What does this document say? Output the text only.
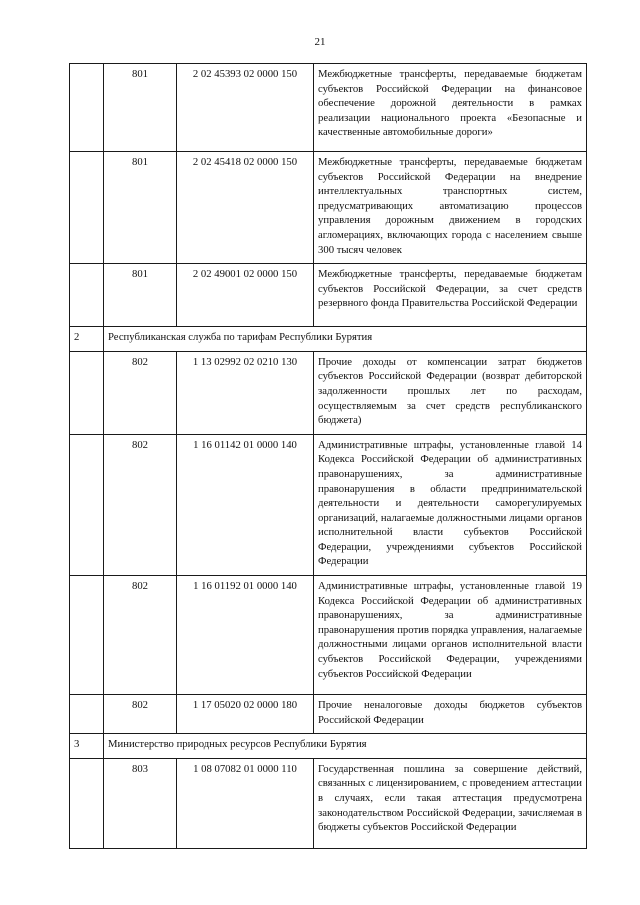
21
	801	2 02 45393 02 0000 150	Межбюджетные трансферты, передаваемые бюджетам субъектов Российской Федерации на финансовое обеспечение дорожной деятельности в рамках реализации национального проекта «Безопасные и качественные автомобильные дороги»
	801	2 02 45418 02 0000 150	Межбюджетные трансферты, передаваемые бюджетам субъектов Российской Федерации на внедрение интеллектуальных транспортных систем, предусматривающих автоматизацию процессов управления дорожным движением в городских агломерациях, включающих города с населением свыше 300 тысяч человек
	801	2 02 49001 02 0000 150	Межбюджетные трансферты, передаваемые бюджетам субъектов Российской Федерации, за счет средств резервного фонда Правительства Российской Федерации
2	Республиканская служба по тарифам Республики Бурятия		
	802	1 13 02992 02 0210 130	Прочие доходы от компенсации затрат бюджетов субъектов Российской Федерации (возврат дебиторской задолженности прошлых лет по расходам, осуществляемым за счет средств республиканского бюджета)
	802	1 16 01142 01 0000 140	Административные штрафы, установленные главой 14 Кодекса Российской Федерации об административных правонарушениях, за административные правонарушения в области предпринимательской деятельности и деятельности саморегулируемых организаций, налагаемые должностными лицами органов исполнительной власти субъектов Российской Федерации, учреждениями субъектов Российской Федерации
	802	1 16 01192 01 0000 140	Административные штрафы, установленные главой 19 Кодекса Российской Федерации об административных правонарушениях, за административные правонарушения против порядка управления, налагаемые должностными лицами органов исполнительной власти субъектов Российской Федерации, учреждениями субъектов Российской Федерации
	802	1 17 05020 02 0000 180	Прочие неналоговые доходы бюджетов субъектов Российской Федерации
3	Министерство природных ресурсов Республики Бурятия		
	803	1 08 07082 01 0000 110	Государственная пошлина за совершение действий, связанных с лицензированием, с проведением аттестации в случаях, если такая аттестация предусмотрена законодательством Российской Федерации, зачисляемая в бюджеты субъектов Российской Федерации
